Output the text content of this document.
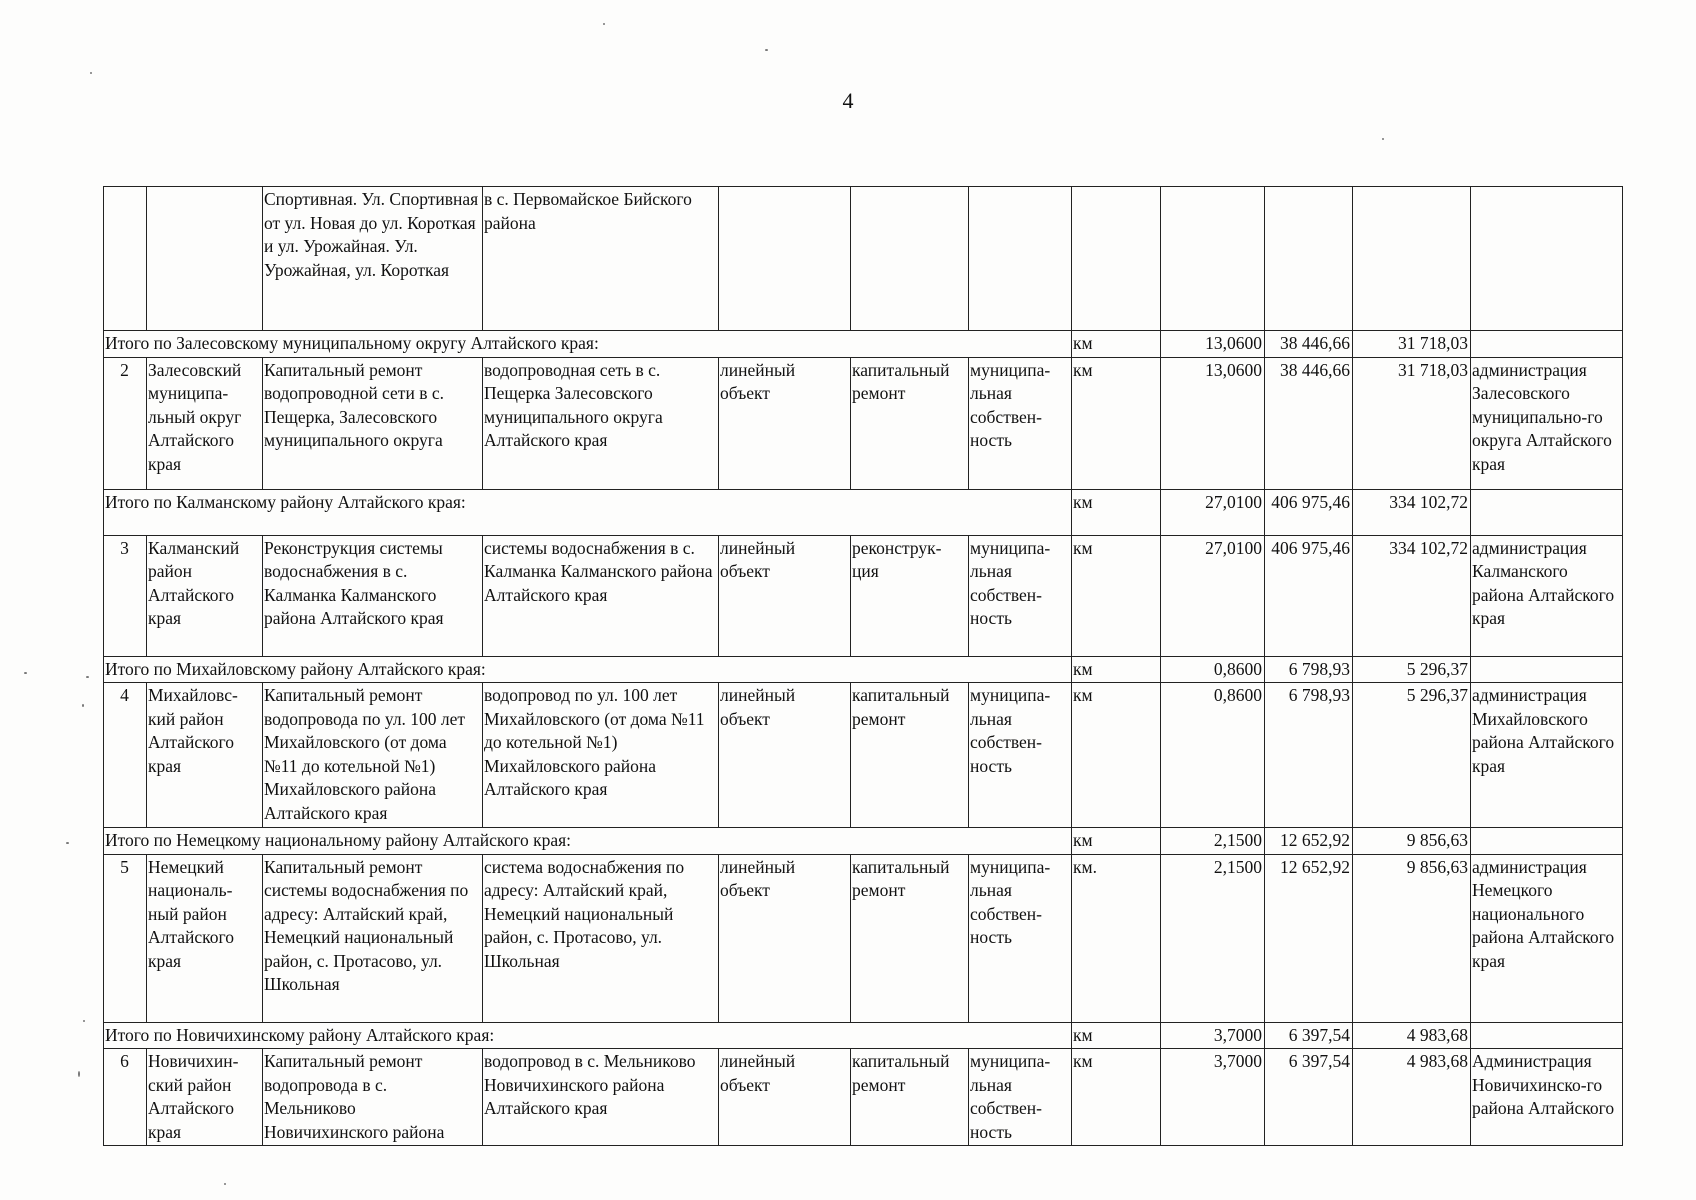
4
		Спортивная. Ул. Спортивная от ул. Новая до ул. Короткая и ул. Урожайная. Ул. Урожайная, ул. Короткая	в с. Первомайское Бийского района								
Итого по Залесовскому муниципальному округу Алтайского края:							км	13,0600	38 446,66	31 718,03	
2	Залесовский муниципа-льный округ Алтайского края	Капитальный ремонт водопроводной сети в с. Пещерка, Залесовского муниципального округа	водопроводная сеть в с. Пещерка Залесовского муниципального округа Алтайского края	линейный объект	капитальный ремонт	муниципа-льная собствен-ность	км	13,0600	38 446,66	31 718,03	администрация Залесовского муниципально-го округа Алтайского края
Итого по Калманскому району Алтайского края:							км	27,0100	406 975,46	334 102,72	
3	Калманский район Алтайского края	Реконструкция системы водоснабжения в с. Калманка Калманского района Алтайского края	системы водоснабжения в с. Калманка Калманского района Алтайского края	линейный объект	реконструк-ция	муниципа-льная собствен-ность	км	27,0100	406 975,46	334 102,72	администрация Калманского района Алтайского края
Итого по Михайловскому району Алтайского края:							км	0,8600	6 798,93	5 296,37	
4	Михайловс-кий район Алтайского края	Капитальный ремонт водопровода по ул. 100 лет Михайловского (от дома №11 до котельной №1) Михайловского района Алтайского края	водопровод по ул. 100 лет Михайловского (от дома №11 до котельной №1) Михайловского района Алтайского края	линейный объект	капитальный ремонт	муниципа-льная собствен-ность	км	0,8600	6 798,93	5 296,37	администрация Михайловского района Алтайского края
Итого по Немецкому национальному району Алтайского края:							км	2,1500	12 652,92	9 856,63	
5	Немецкий националь-ный район Алтайского края	Капитальный ремонт системы водоснабжения по адресу: Алтайский край, Немецкий национальный район, с. Протасово, ул. Школьная	система водоснабжения по адресу: Алтайский край, Немецкий национальный район, с. Протасово, ул. Школьная	линейный объект	капитальный ремонт	муниципа-льная собствен-ность	км.	2,1500	12 652,92	9 856,63	администрация Немецкого национального района Алтайского края
Итого по Новичихинскому району Алтайского края:							км	3,7000	6 397,54	4 983,68	
6	Новичихин-ский район Алтайского края	Капитальный ремонт водопровода в с. Мельниково Новичихинского района	водопровод в с. Мельниково Новичихинского района Алтайского края	линейный объект	капитальный ремонт	муниципа-льная собствен-ность	км	3,7000	6 397,54	4 983,68	Администрация Новичихинско-го района Алтайского
